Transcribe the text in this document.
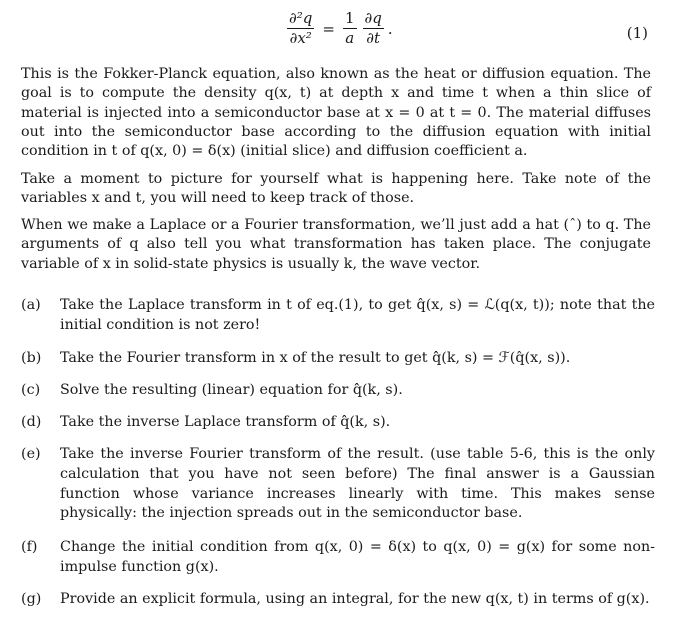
$\frac{\text{∂²q}}{\text{∂x²}} = \frac{1}{a} \frac{\partial q}{\partial t}$ .	(1)

This is the Fokker-Planck equation, also known as the heat or diffusion equation. The goal is to compute the density q(x, t) at depth x and time t when a thin slice of material is injected into a semiconductor base at x = 0 at t = 0. The material diffuses out into the semiconductor base according to the diffusion equation with initial condition in t of q(x, 0) = δ(x) (initial slice) and diffusion coefficient a.

Take a moment to picture for yourself what is happening here. Take note of the variables x and t, you will need to keep track of those.

When we make a Laplace or a Fourier transformation, we’ll just add a hat (ˆ) to q. The arguments of q also tell you what transformation has taken place. The conjugate variable of x in solid-state physics is usually k, the wave vector.

(a) Take the Laplace transform in t of eq.(1), to get q̂(x, s) = ℒ(q(x, t)); note that the initial condition is not zero!
(b) Take the Fourier transform in x of the result to get q̂̂(k, s) = ℱ(q̂(x, s)).
(c) Solve the resulting (linear) equation for q̂̂(k, s).
(d) Take the inverse Laplace transform of q̂̂(k, s).
(e) Take the inverse Fourier transform of the result. (use table 5-6, this is the only calculation that you have not seen before) The final answer is a Gaussian function whose variance increases linearly with time. This makes sense physically: the injection spreads out in the semiconductor base.
(f) Change the initial condition from q(x, 0) = δ(x) to q(x, 0) = g(x) for some non-impulse function g(x).
(g) Provide an explicit formula, using an integral, for the new q(x, t) in terms of g(x).
